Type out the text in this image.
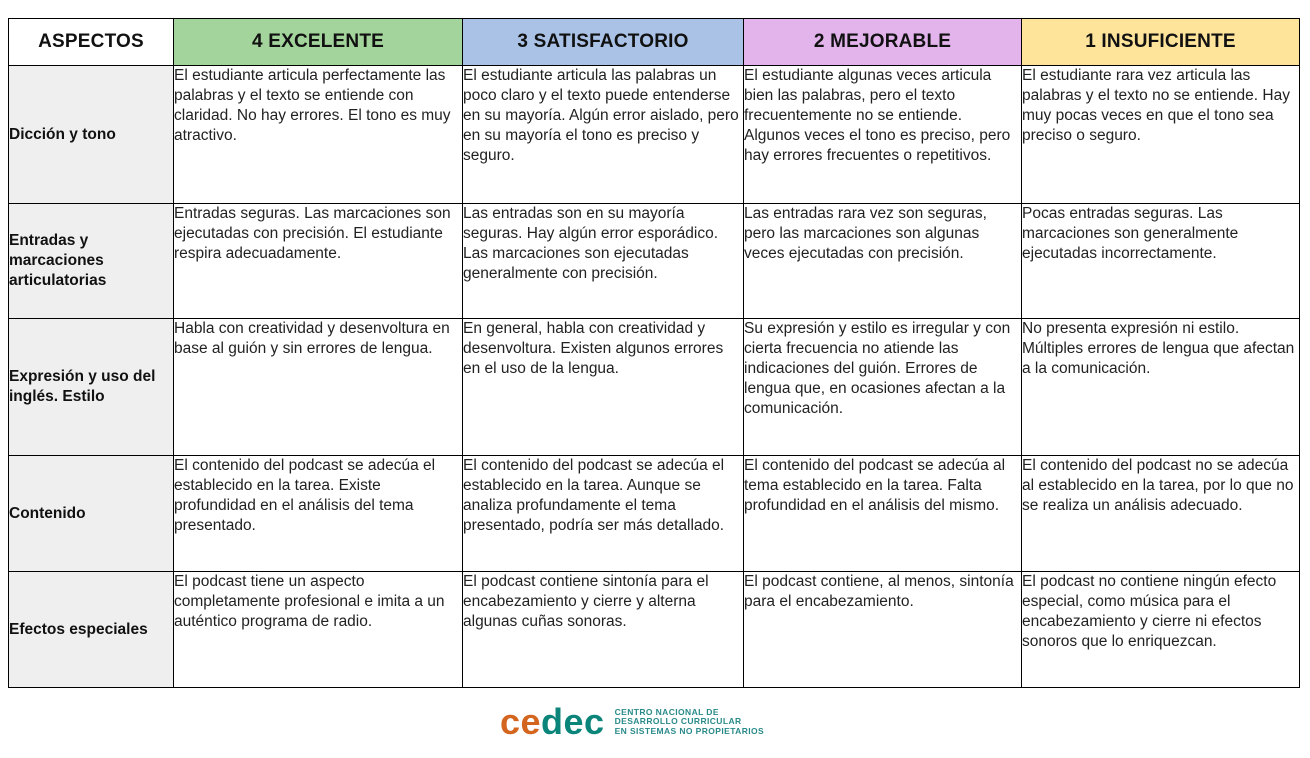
ASPECTOS	4 EXCELENTE	3 SATISFACTORIO	2 MEJORABLE	1 INSUFICIENTE
Dicción y tono	El estudiante articula perfectamente las palabras y el texto se entiende con claridad. No hay errores. El tono es muy atractivo.	El estudiante articula las palabras un poco claro y el texto puede entenderse en su mayoría. Algún error aislado, pero en su mayoría el tono es preciso y seguro.	El estudiante algunas veces articula bien las palabras, pero el texto frecuentemente no se entiende. Algunos veces el tono es preciso, pero hay errores frecuentes o repetitivos.	El estudiante rara vez articula las palabras y el texto no se entiende. Hay muy pocas veces en que el tono sea preciso o seguro.
Entradas y marcaciones articulatorias	Entradas seguras. Las marcaciones son ejecutadas con precisión. El estudiante respira adecuadamente.	Las entradas son en su mayoría seguras. Hay algún error esporádico. Las marcaciones son ejecutadas generalmente con precisión.	Las entradas rara vez son seguras, pero las marcaciones son algunas veces ejecutadas con precisión.	Pocas entradas seguras. Las marcaciones son generalmente ejecutadas incorrectamente.
Expresión y uso del inglés. Estilo	Habla con creatividad y desenvoltura en base al guión y sin errores de lengua.	En general, habla con creatividad y desenvoltura. Existen algunos errores en el uso de la lengua.	Su expresión y estilo es irregular y con cierta frecuencia no atiende las indicaciones del guión. Errores de lengua que, en ocasiones afectan a la comunicación.	No presenta expresión ni estilo. Múltiples errores de lengua que afectan a la comunicación.
Contenido	El contenido del podcast se adecúa el establecido en la tarea. Existe profundidad en el análisis del tema presentado.	El contenido del podcast se adecúa el establecido en la tarea. Aunque se analiza profundamente el tema presentado, podría ser más detallado.	El contenido del podcast se adecúa al tema establecido en la tarea. Falta profundidad en el análisis del mismo.	El contenido del podcast no se adecúa al establecido en la tarea, por lo que no se realiza un análisis adecuado.
Efectos especiales	El podcast tiene un aspecto completamente profesional e imita a un auténtico programa de radio.	El podcast contiene sintonía para el encabezamiento y cierre y alterna algunas cuñas sonoras.	El podcast contiene, al menos, sintonía para el encabezamiento.	El podcast no contiene ningún efecto especial, como música para el encabezamiento y cierre ni efectos sonoros que lo enriquezcan.
cedec CENTRO NACIONAL DE
DESARROLLO CURRICULAR
EN SISTEMAS NO PROPIETARIOS
